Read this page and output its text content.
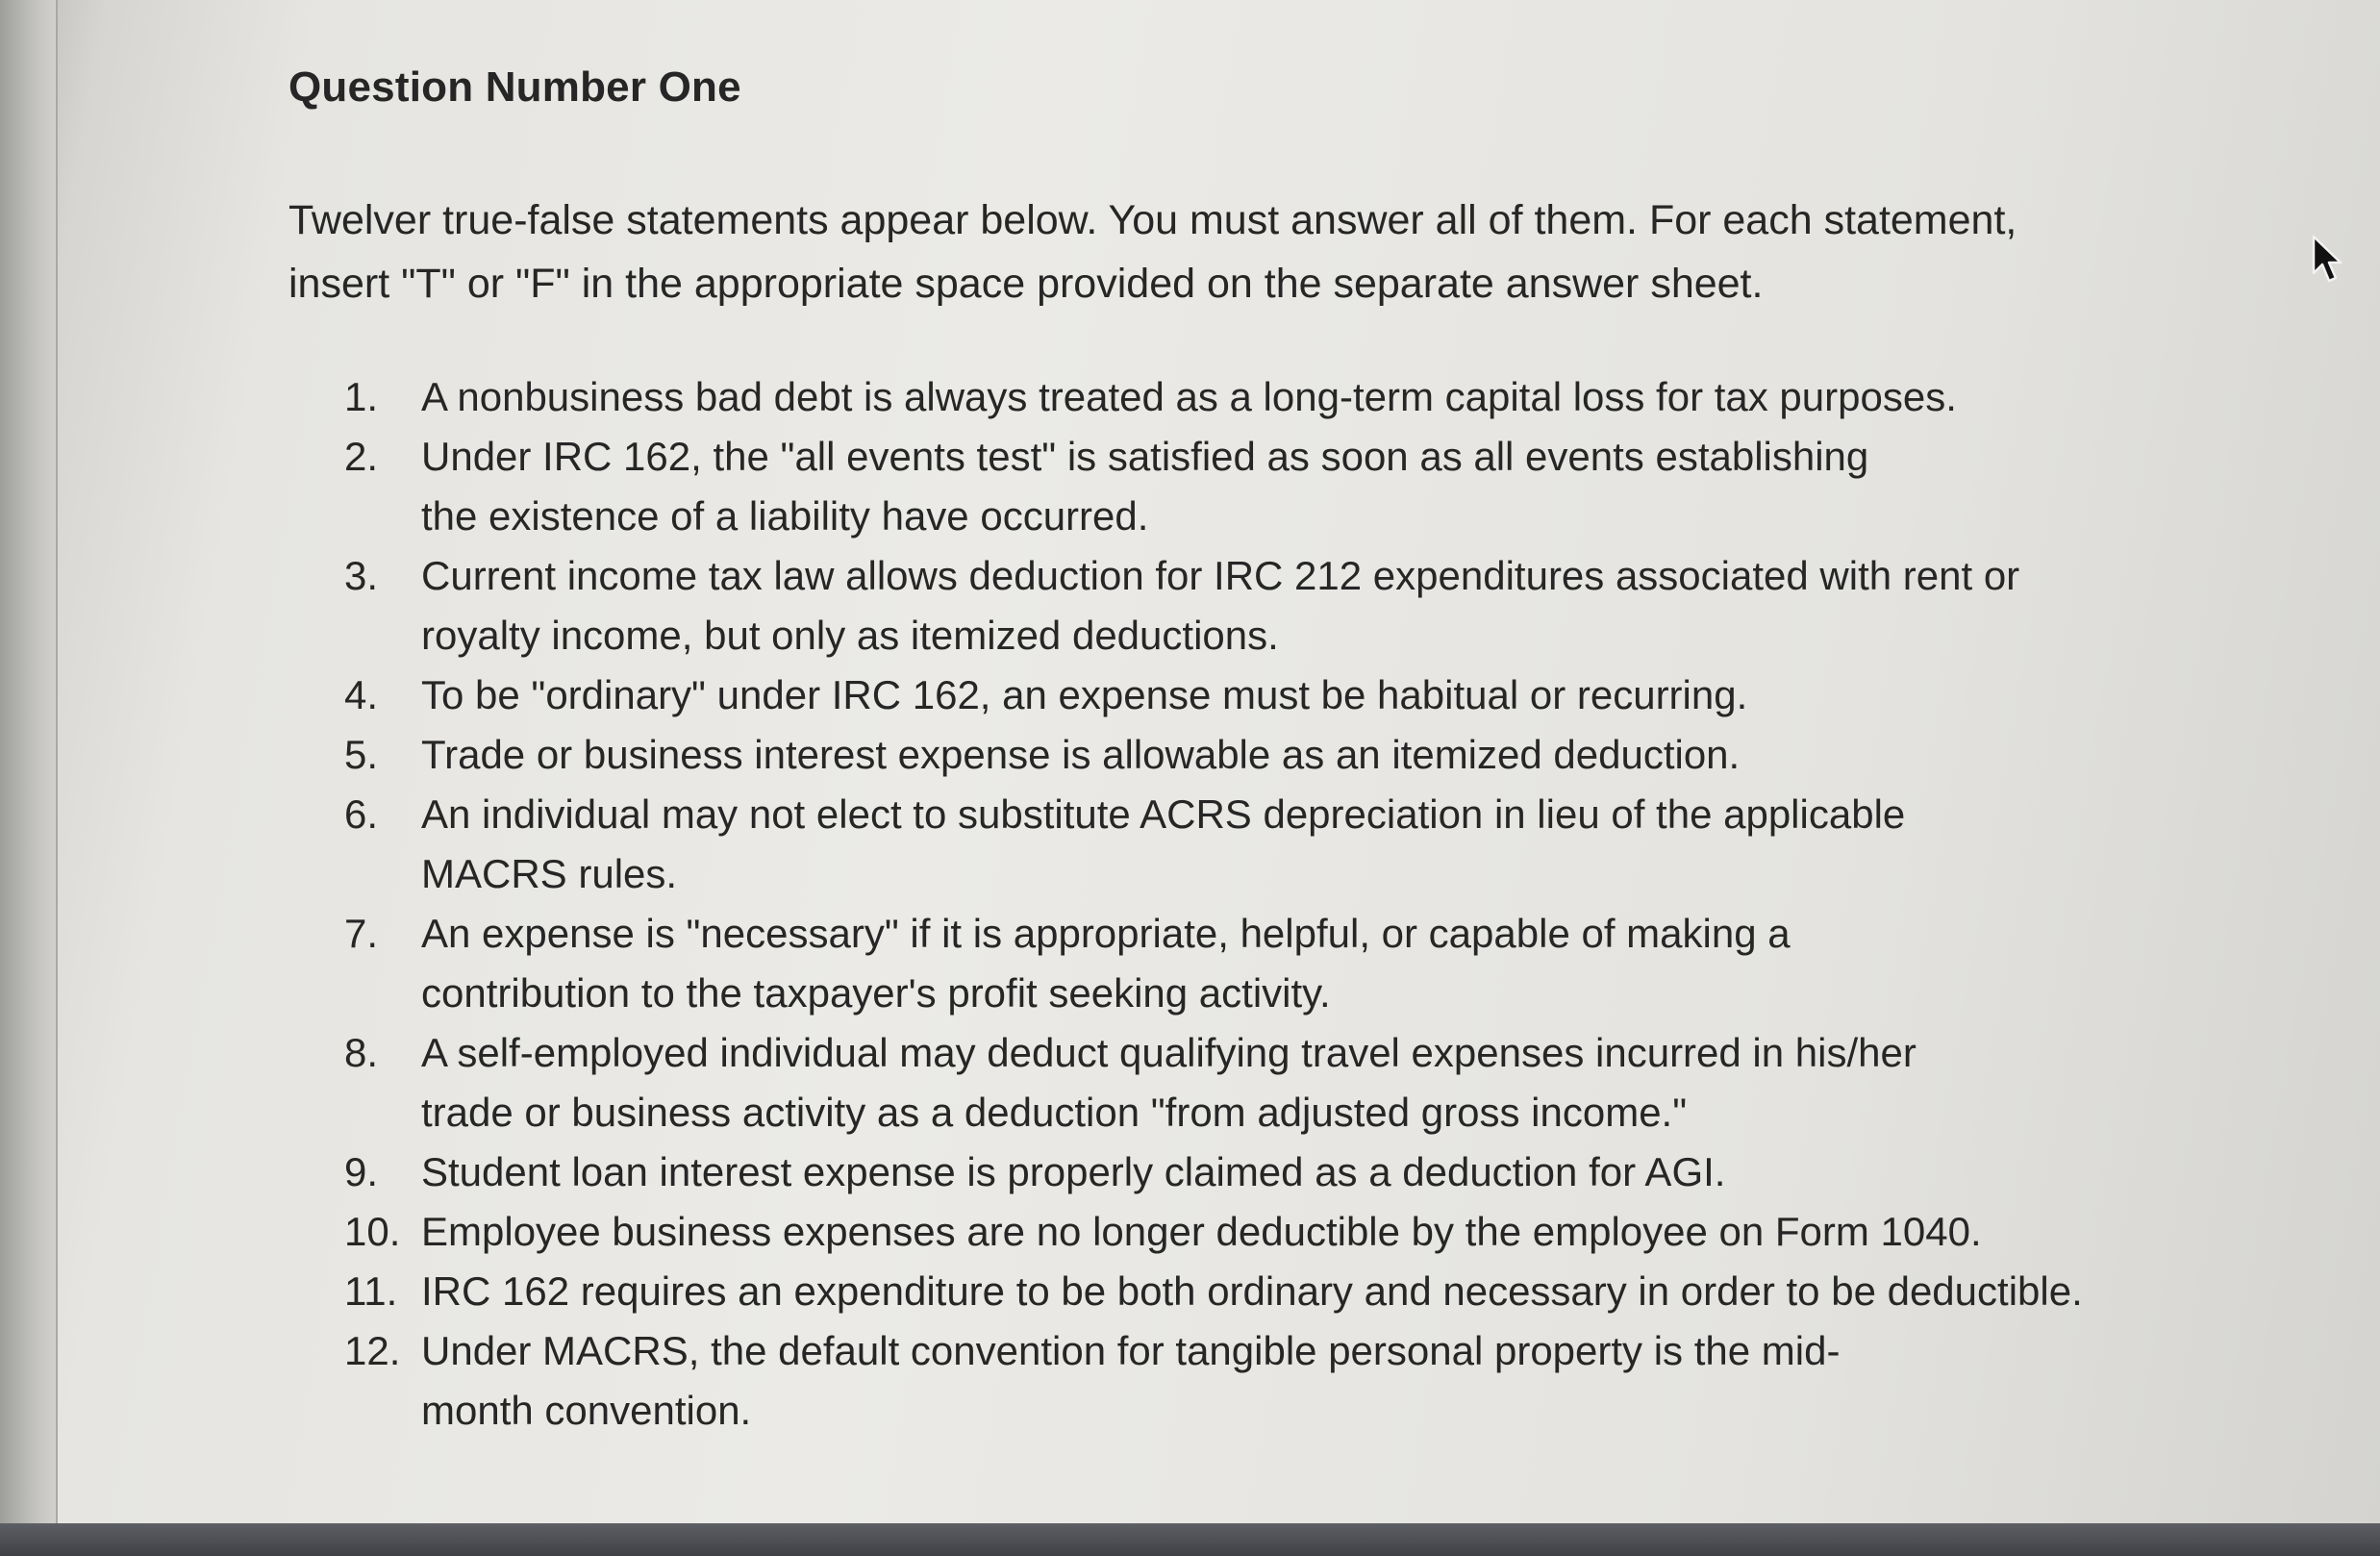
Question Number One

Twelver true-false statements appear below. You must answer all of them. For each statement, insert "T" or "F" in the appropriate space provided on the separate answer sheet.

1.	A nonbusiness bad debt is always treated as a long-term capital loss for tax purposes.
2.	Under IRC 162, the "all events test" is satisfied as soon as all events establishing the existence of a liability have occurred.
3.	Current income tax law allows deduction for IRC 212 expenditures associated with rent or royalty income, but only as itemized deductions.
4.	To be "ordinary" under IRC 162, an expense must be habitual or recurring.
5.	Trade or business interest expense is allowable as an itemized deduction.
6.	An individual may not elect to substitute ACRS depreciation in lieu of the applicable MACRS rules.
7.	An expense is "necessary" if it is appropriate, helpful, or capable of making a contribution to the taxpayer's profit seeking activity.
8.	A self-employed individual may deduct qualifying travel expenses incurred in his/her trade or business activity as a deduction "from adjusted gross income."
9.	Student loan interest expense is properly claimed as a deduction for AGI.
10. Employee business expenses are no longer deductible by the employee on Form 1040.
11. IRC 162 requires an expenditure to be both ordinary and necessary in order to be deductible.
12. Under MACRS, the default convention for tangible personal property is the mid-month convention.
